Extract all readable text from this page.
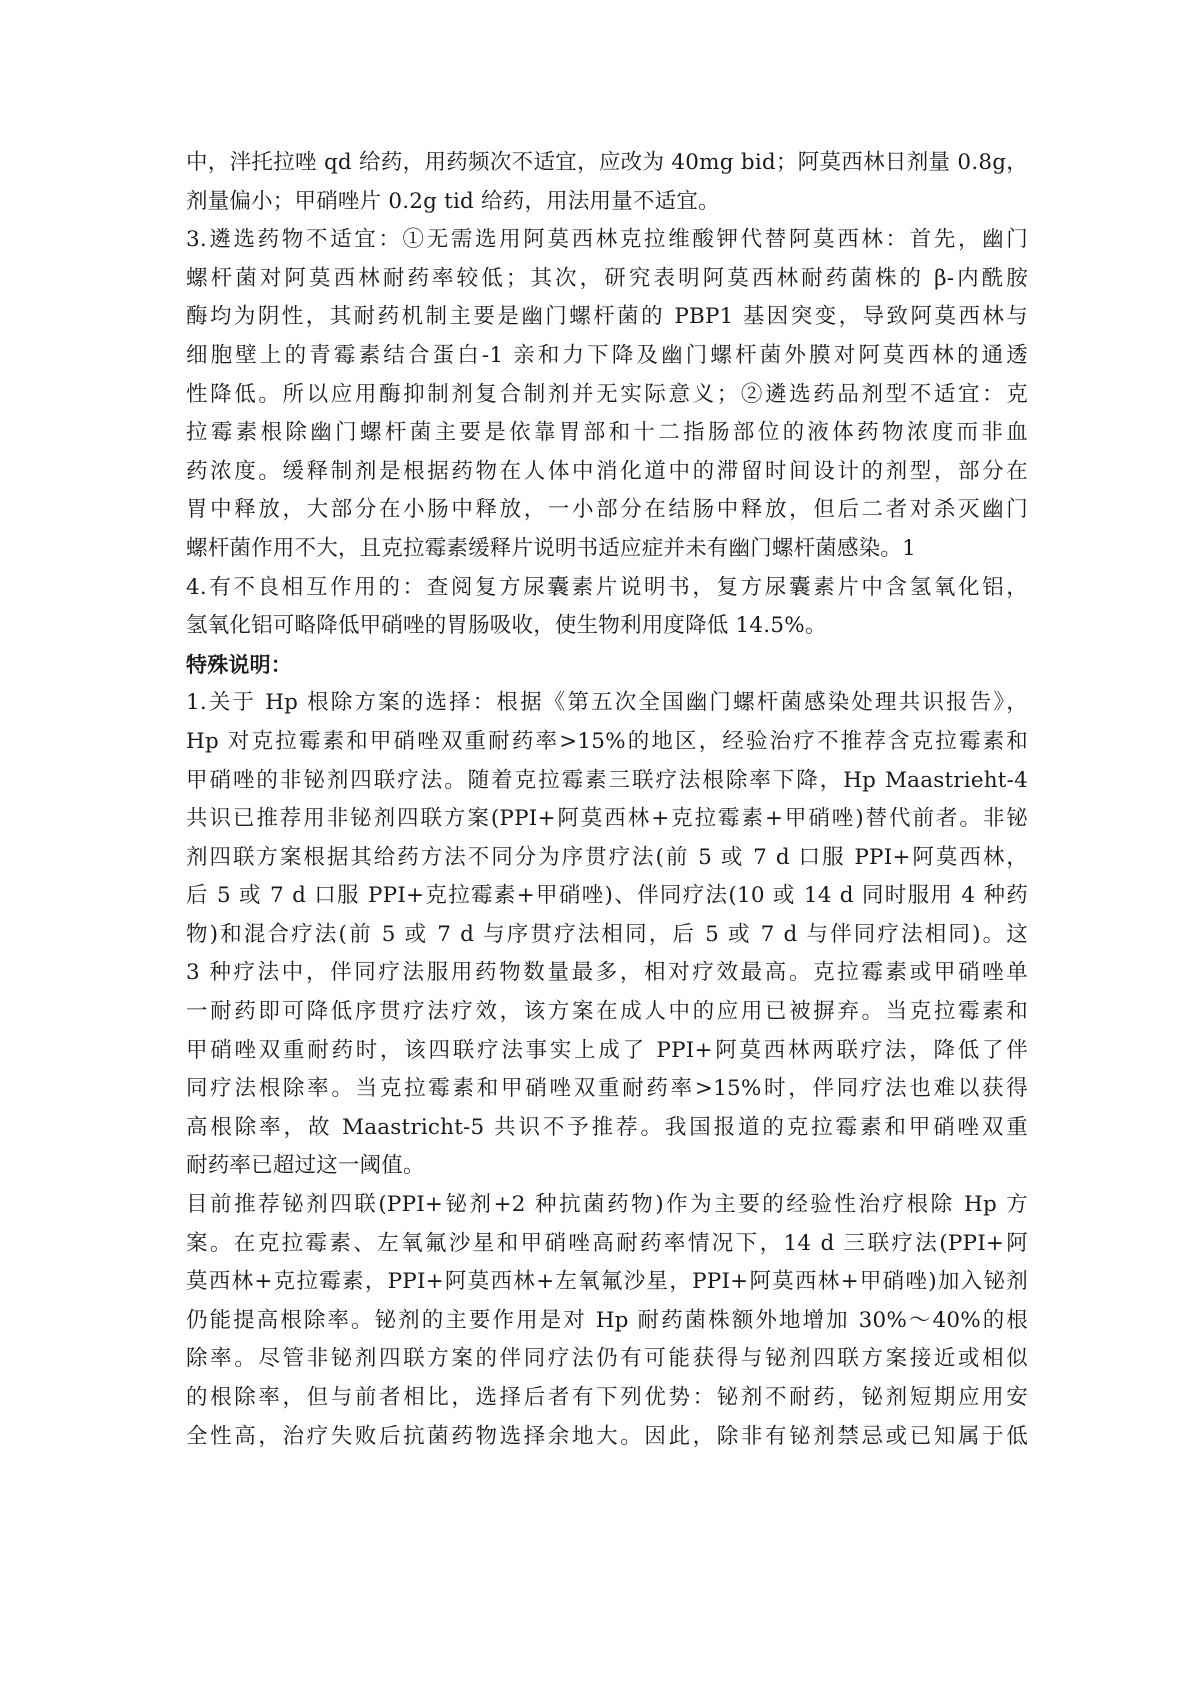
中，泮托拉唑 qd 给药，用药频次不适宜，应改为 40mg bid；阿莫西林日剂量 0.8g，
剂量偏小；甲硝唑片 0.2g tid 给药，用法用量不适宜。
3.遴选药物不适宜：①无需选用阿莫西林克拉维酸钾代替阿莫西林：首先，幽门
螺杆菌对阿莫西林耐药率较低；其次，研究表明阿莫西林耐药菌株的 β-内酰胺
酶均为阴性，其耐药机制主要是幽门螺杆菌的 PBP1 基因突变，导致阿莫西林与
细胞壁上的青霉素结合蛋白-1 亲和力下降及幽门螺杆菌外膜对阿莫西林的通透
性降低。所以应用酶抑制剂复合制剂并无实际意义；②遴选药品剂型不适宜：克
拉霉素根除幽门螺杆菌主要是依靠胃部和十二指肠部位的液体药物浓度而非血
药浓度。缓释制剂是根据药物在人体中消化道中的滞留时间设计的剂型，部分在
胃中释放，大部分在小肠中释放，一小部分在结肠中释放，但后二者对杀灭幽门
螺杆菌作用不大，且克拉霉素缓释片说明书适应症并未有幽门螺杆菌感染。1
4.有不良相互作用的：查阅复方尿囊素片说明书，复方尿囊素片中含氢氧化铝，
氢氧化铝可略降低甲硝唑的胃肠吸收，使生物利用度降低 14.5%。
特殊说明：
1.关于 Hp 根除方案的选择：根据《第五次全国幽门螺杆菌感染处理共识报告》，
Hp 对克拉霉素和甲硝唑双重耐药率>15%的地区，经验治疗不推荐含克拉霉素和
甲硝唑的非铋剂四联疗法。随着克拉霉素三联疗法根除率下降，Hp Maastrieht-4
共识已推荐用非铋剂四联方案(PPI+阿莫西林+克拉霉素+甲硝唑)替代前者。非铋
剂四联方案根据其给药方法不同分为序贯疗法(前 5 或 7 d 口服 PPI+阿莫西林，
后 5 或 7 d 口服 PPI+克拉霉素+甲硝唑)、伴同疗法(10 或 14 d 同时服用 4 种药
物)和混合疗法(前 5 或 7 d 与序贯疗法相同，后 5 或 7 d 与伴同疗法相同)。这
3 种疗法中，伴同疗法服用药物数量最多，相对疗效最高。克拉霉素或甲硝唑单
一耐药即可降低序贯疗法疗效，该方案在成人中的应用已被摒弃。当克拉霉素和
甲硝唑双重耐药时，该四联疗法事实上成了 PPI+阿莫西林两联疗法，降低了伴
同疗法根除率。当克拉霉素和甲硝唑双重耐药率>15%时，伴同疗法也难以获得
高根除率，故 Maastricht-5 共识不予推荐。我国报道的克拉霉素和甲硝唑双重
耐药率已超过这一阈值。
目前推荐铋剂四联(PPI+铋剂+2 种抗菌药物)作为主要的经验性治疗根除 Hp 方
案。在克拉霉素、左氧氟沙星和甲硝唑高耐药率情况下，14 d 三联疗法(PPI+阿
莫西林+克拉霉素，PPI+阿莫西林+左氧氟沙星，PPI+阿莫西林+甲硝唑)加入铋剂
仍能提高根除率。铋剂的主要作用是对 Hp 耐药菌株额外地增加 30%～40%的根
除率。尽管非铋剂四联方案的伴同疗法仍有可能获得与铋剂四联方案接近或相似
的根除率，但与前者相比，选择后者有下列优势：铋剂不耐药，铋剂短期应用安
全性高，治疗失败后抗菌药物选择余地大。因此，除非有铋剂禁忌或已知属于低
